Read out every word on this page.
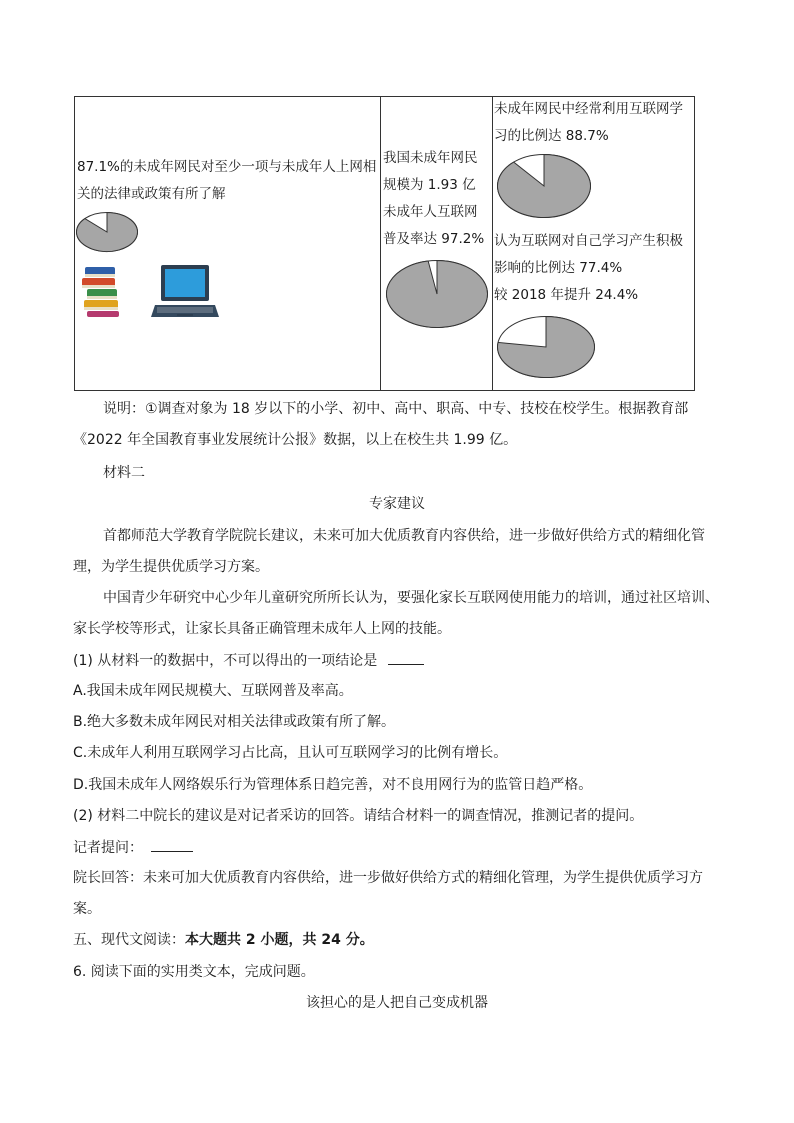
87.1%的未成年网民对至少一项与未成年人上网相
关的法律或政策有所了解
我国未成年网民
规模为 1.93 亿
未成年人互联网
普及率达 97.2%
未成年网民中经常利用互联网学
习的比例达 88.7%
认为互联网对自己学习产生积极
影响的比例达 77.4%
较 2018 年提升 24.4%
说明：①调查对象为 18 岁以下的小学、初中、高中、职高、中专、技校在校学生。根据教育部
《2022 年全国教育事业发展统计公报》数据，以上在校生共 1.99 亿。
材料二
专家建议
首都师范大学教育学院院长建议，未来可加大优质教育内容供给，进一步做好供给方式的精细化管
理，为学生提供优质学习方案。
中国青少年研究中心少年儿童研究所所长认为，要强化家长互联网使用能力的培训，通过社区培训、
家长学校等形式，让家长具备正确管理未成年人上网的技能。
(1) 从材料一的数据中，不可以得出的一项结论是
A.我国未成年网民规模大、互联网普及率高。
B.绝大多数未成年网民对相关法律或政策有所了解。
C.未成年人利用互联网学习占比高，且认可互联网学习的比例有增长。
D.我国未成年人网络娱乐行为管理体系日趋完善，对不良用网行为的监管日趋严格。
(2) 材料二中院长的建议是对记者采访的回答。请结合材料一的调查情况，推测记者的提问。
记者提问：
院长回答：未来可加大优质教育内容供给，进一步做好供给方式的精细化管理，为学生提供优质学习方
案。
五、现代文阅读：本大题共 2 小题，共 24 分。
6. 阅读下面的实用类文本，完成问题。
该担心的是人把自己变成机器
